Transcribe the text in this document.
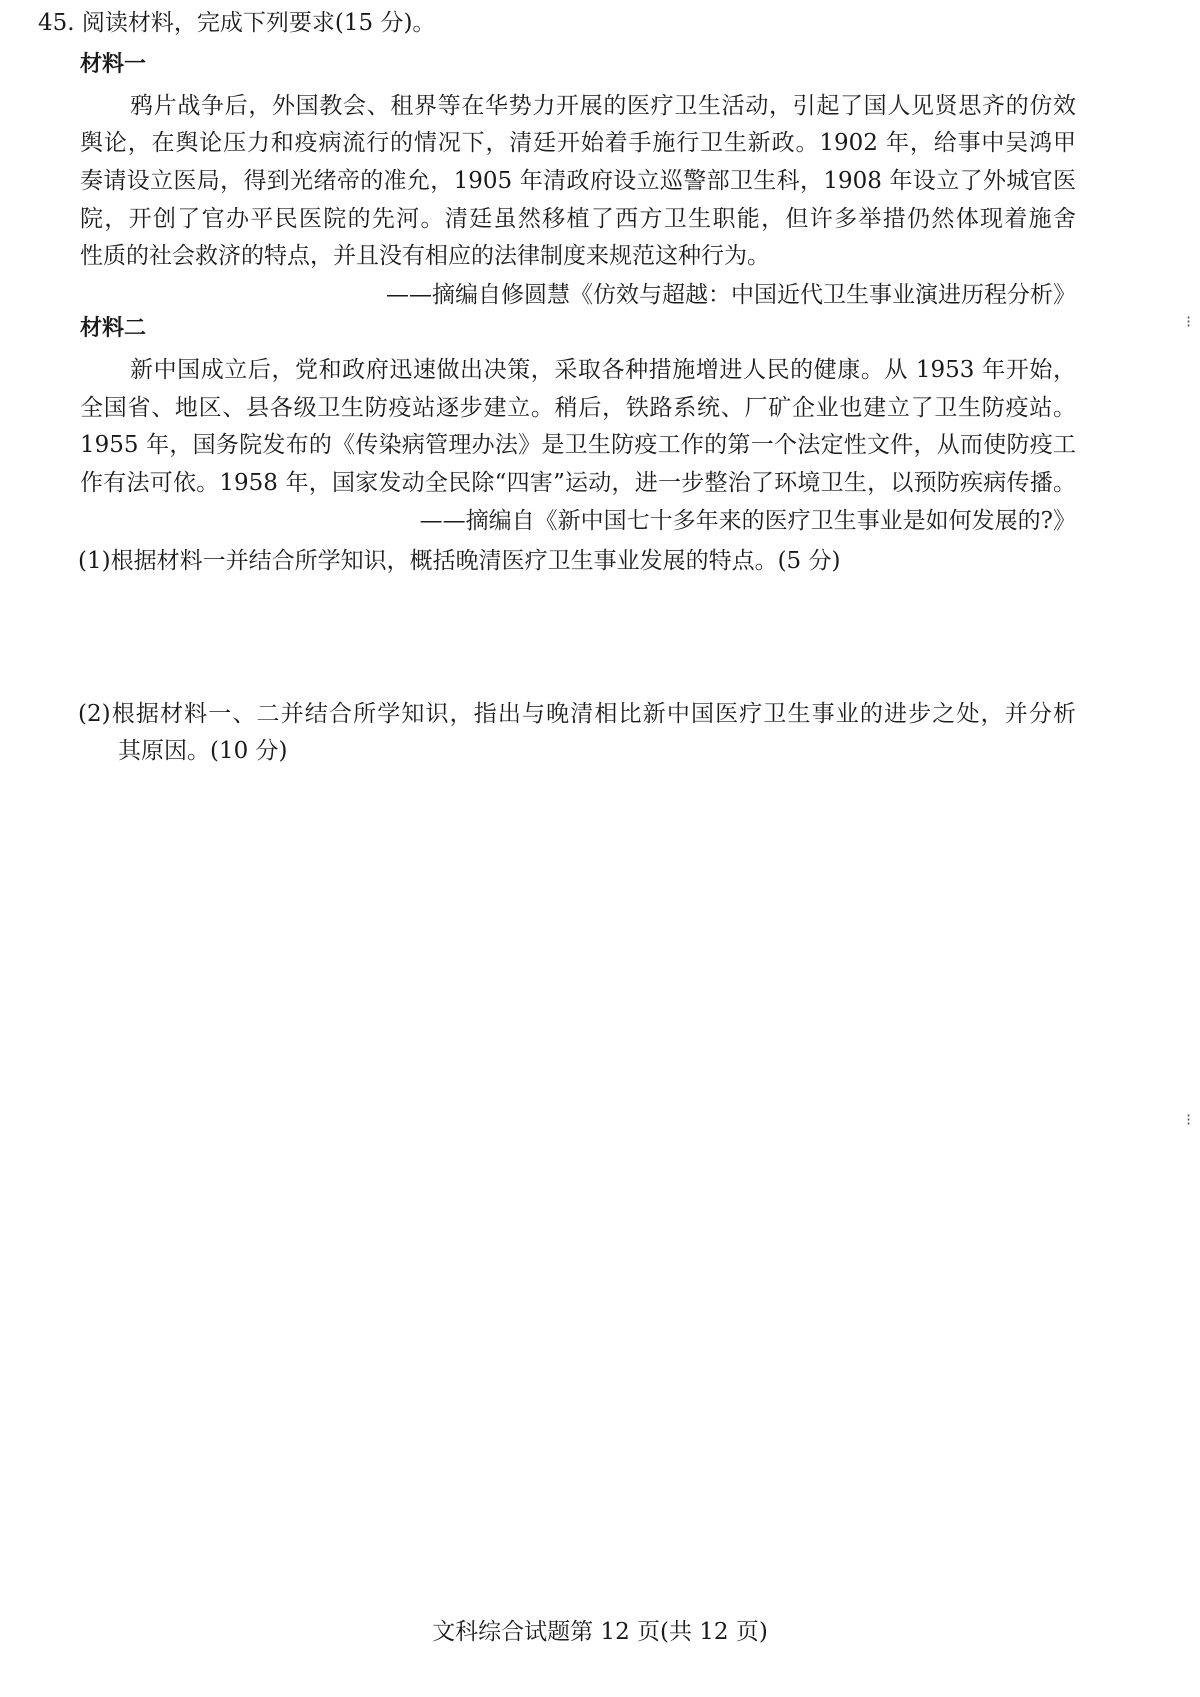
45. 阅读材料，完成下列要求(15 分)。
材料一
鸦片战争后，外国教会、租界等在华势力开展的医疗卫生活动，引起了国人见贤思齐的仿效
舆论，在舆论压力和疫病流行的情况下，清廷开始着手施行卫生新政。1902 年，给事中吴鸿甲
奏请设立医局，得到光绪帝的准允，1905 年清政府设立巡警部卫生科，1908 年设立了外城官医
院，开创了官办平民医院的先河。清廷虽然移植了西方卫生职能，但许多举措仍然体现着施舍
性质的社会救济的特点，并且没有相应的法律制度来规范这种行为。
——摘编自修圆慧《仿效与超越：中国近代卫生事业演进历程分析》
材料二
新中国成立后，党和政府迅速做出决策，采取各种措施增进人民的健康。从 1953 年开始，
全国省、地区、县各级卫生防疫站逐步建立。稍后，铁路系统、厂矿企业也建立了卫生防疫站。
1955 年，国务院发布的《传染病管理办法》是卫生防疫工作的第一个法定性文件，从而使防疫工
作有法可依。1958 年，国家发动全民除“四害”运动，进一步整治了环境卫生，以预防疾病传播。
——摘编自《新中国七十多年来的医疗卫生事业是如何发展的?》
(1)根据材料一并结合所学知识，概括晚清医疗卫生事业发展的特点。(5 分)
(2)根据材料一、二并结合所学知识，指出与晚清相比新中国医疗卫生事业的进步之处，并分析
其原因。(10 分)
文科综合试题第 12 页(共 12 页)
⁝
⁝
